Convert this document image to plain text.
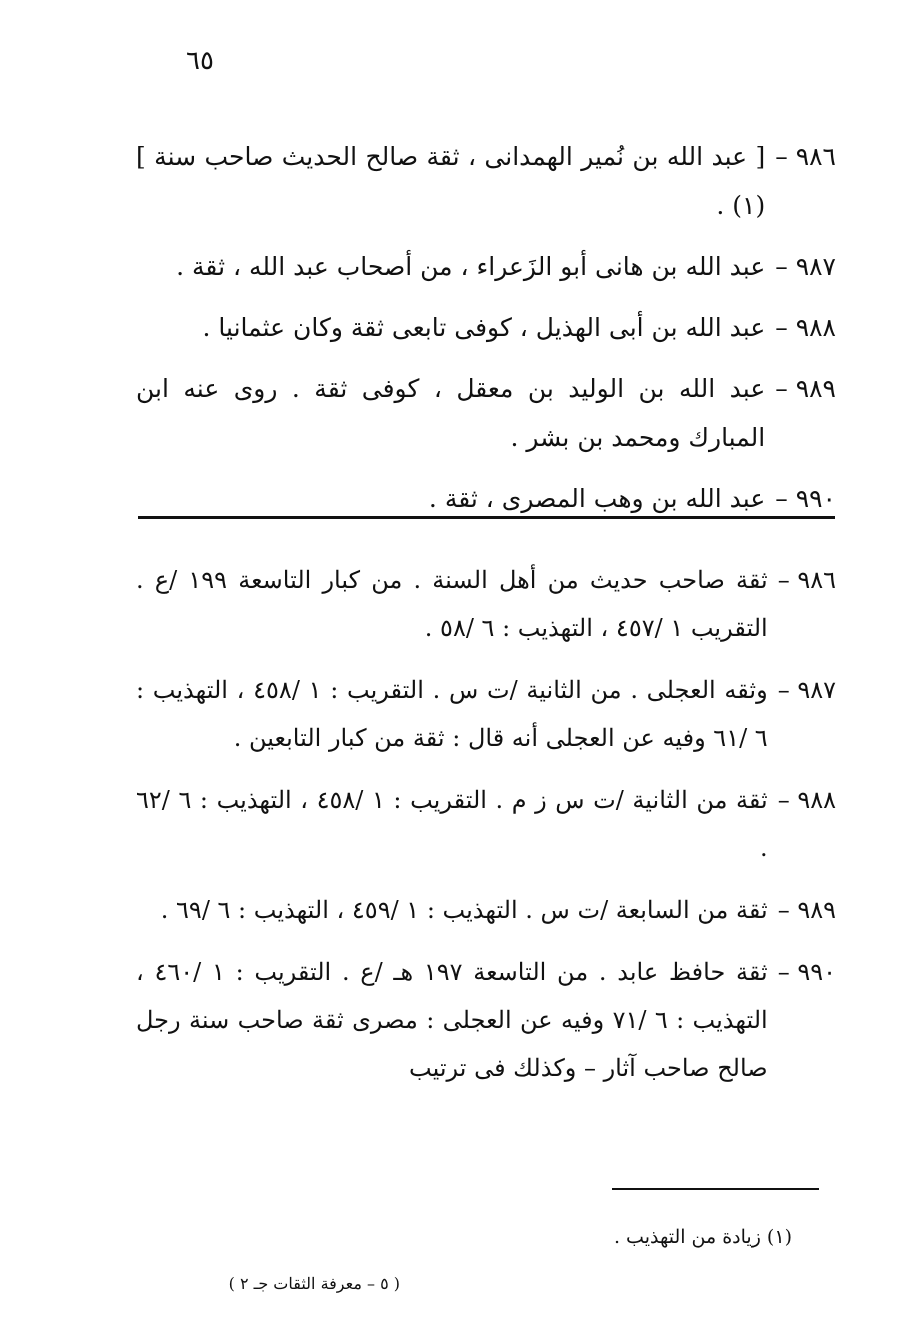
٦٥
٩٨٦ –
[ عبد الله بن نُمير الهمدانى ، ثقة صالح الحديث صاحب سنة ] (١) .
٩٨٧ –
عبد الله بن هانى أبو الزَعراء ، من أصحاب عبد الله ، ثقة .
٩٨٨ –
عبد الله بن أبى الهذيل ، كوفى تابعى ثقة وكان عثمانيا .
٩٨٩ –
عبد الله بن الوليد بن معقل ، كوفى ثقة . روى عنه ابن المبارك ومحمد بن بشر .
٩٩٠ –
عبد الله بن وهب المصرى ، ثقة .
٩٨٦ –
ثقة صاحب حديث من أهل السنة . من كبار التاسعة ١٩٩ /ع . التقريب ١ /٤٥٧ ، التهذيب : ٦ /٥٨ .
٩٨٧ –
وثقه العجلى . من الثانية /ت س . التقريب : ١ /٤٥٨ ، التهذيب : ٦ /٦١ وفيه عن العجلى أنه قال : ثقة من كبار التابعين .
٩٨٨ –
ثقة من الثانية /ت س ز م . التقريب : ١ /٤٥٨ ، التهذيب : ٦ /٦٢ .
٩٨٩ –
ثقة من السابعة /ت س . التهذيب : ١ /٤٥٩ ، التهذيب : ٦ /٦٩ .
٩٩٠ –
ثقة حافظ عابد . من التاسعة ١٩٧ هـ /ع . التقريب : ١ /٤٦٠ ، التهذيب : ٦ /٧١ وفيه عن العجلى : مصرى ثقة صاحب سنة رجل صالح صاحب آثار – وكذلك فى ترتيب
(١) زيادة من التهذيب .
( ٥ – معرفة الثقات جـ ٢ )
